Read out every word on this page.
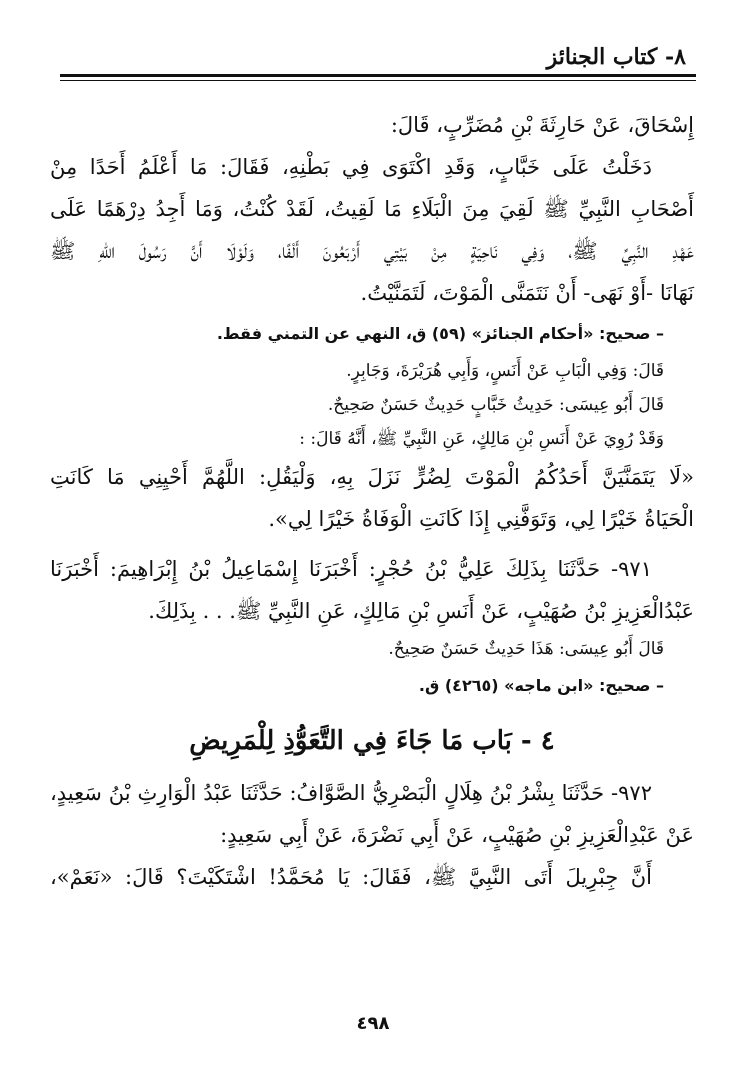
٨- كتاب الجنائز
إِسْحَاقَ، عَنْ حَارِثَةَ بْنِ مُضَرِّبٍ، قَالَ:
دَخَلْتُ عَلَى خَبَّابٍ، وَقَدِ اكْتَوَى فِي بَطْنِهِ، فَقَالَ: مَا أَعْلَمُ أَحَدًا مِنْ
أَصْحَابِ النَّبِيِّ ﷺ لَقِيَ مِنَ الْبَلَاءِ مَا لَقِيتُ، لَقَدْ كُنْتُ، وَمَا أَجِدُ دِرْهَمًا عَلَى
عَهْدِ النَّبِيِّ ﷺ، وَفِي نَاحِيَةٍ مِنْ بَيْتِي أَرْبَعُونَ أَلْفًا، وَلَوْلَا أَنَّ رَسُولَ اللهِ ﷺ
نَهَانَا -أَوْ نَهَى- أَنْ نَتَمَنَّى الْمَوْتَ، لَتَمَنَّيْتُ.
– صحيح: «أحكام الجنائز» (٥٩) ق، النهي عن التمني فقط.
قَالَ: وَفِي الْبَابِ عَنْ أَنَسٍ، وَأَبِي هُرَيْرَةَ، وَجَابِرٍ.
قَالَ أَبُو عِيسَى: حَدِيثُ خَبَّابٍ حَدِيثٌ حَسَنٌ صَحِيحٌ.
وَقَدْ رُوِيَ عَنْ أَنَسِ بْنِ مَالِكٍ، عَنِ النَّبِيِّ ﷺ، أَنَّهُ قَالَ: :
«لَا يَتَمَنَّيَنَّ أَحَدُكُمُ الْمَوْتَ لِضُرٍّ نَزَلَ بِهِ، وَلْيَقُلِ: اللَّهُمَّ أَحْيِنِي مَا كَانَتِ
الْحَيَاةُ خَيْرًا لِي، وَتَوَفَّنِي إِذَا كَانَتِ الْوَفَاةُ خَيْرًا لِي».
٩٧١- حَدَّثَنَا بِذَلِكَ عَلِيُّ بْنُ حُجْرٍ: أَخْبَرَنَا إِسْمَاعِيلُ بْنُ إِبْرَاهِيمَ: أَخْبَرَنَا
عَبْدُالْعَزِيزِ بْنُ صُهَيْبٍ، عَنْ أَنَسِ بْنِ مَالِكٍ، عَنِ النَّبِيِّ ﷺ. . . بِذَلِكَ.
قَالَ أَبُو عِيسَى: هَذَا حَدِيثٌ حَسَنٌ صَحِيحٌ.
– صحيح: «ابن ماجه» (٤٢٦٥) ق.
٤ - بَاب مَا جَاءَ فِي التَّعَوُّذِ لِلْمَرِيضِ
٩٧٢- حَدَّثَنَا بِشْرُ بْنُ هِلَالٍ الْبَصْرِيُّ الصَّوَّافُ: حَدَّثَنَا عَبْدُ الْوَارِثِ بْنُ سَعِيدٍ،
عَنْ عَبْدِالْعَزِيزِ بْنِ صُهَيْبٍ، عَنْ أَبِي نَضْرَةَ، عَنْ أَبِي سَعِيدٍ:
أَنَّ جِبْرِيلَ أَتَى النَّبِيَّ ﷺ، فَقَالَ: يَا مُحَمَّدُ! اشْتَكَيْتَ؟ قَالَ: «نَعَمْ»،
٤٩٨
